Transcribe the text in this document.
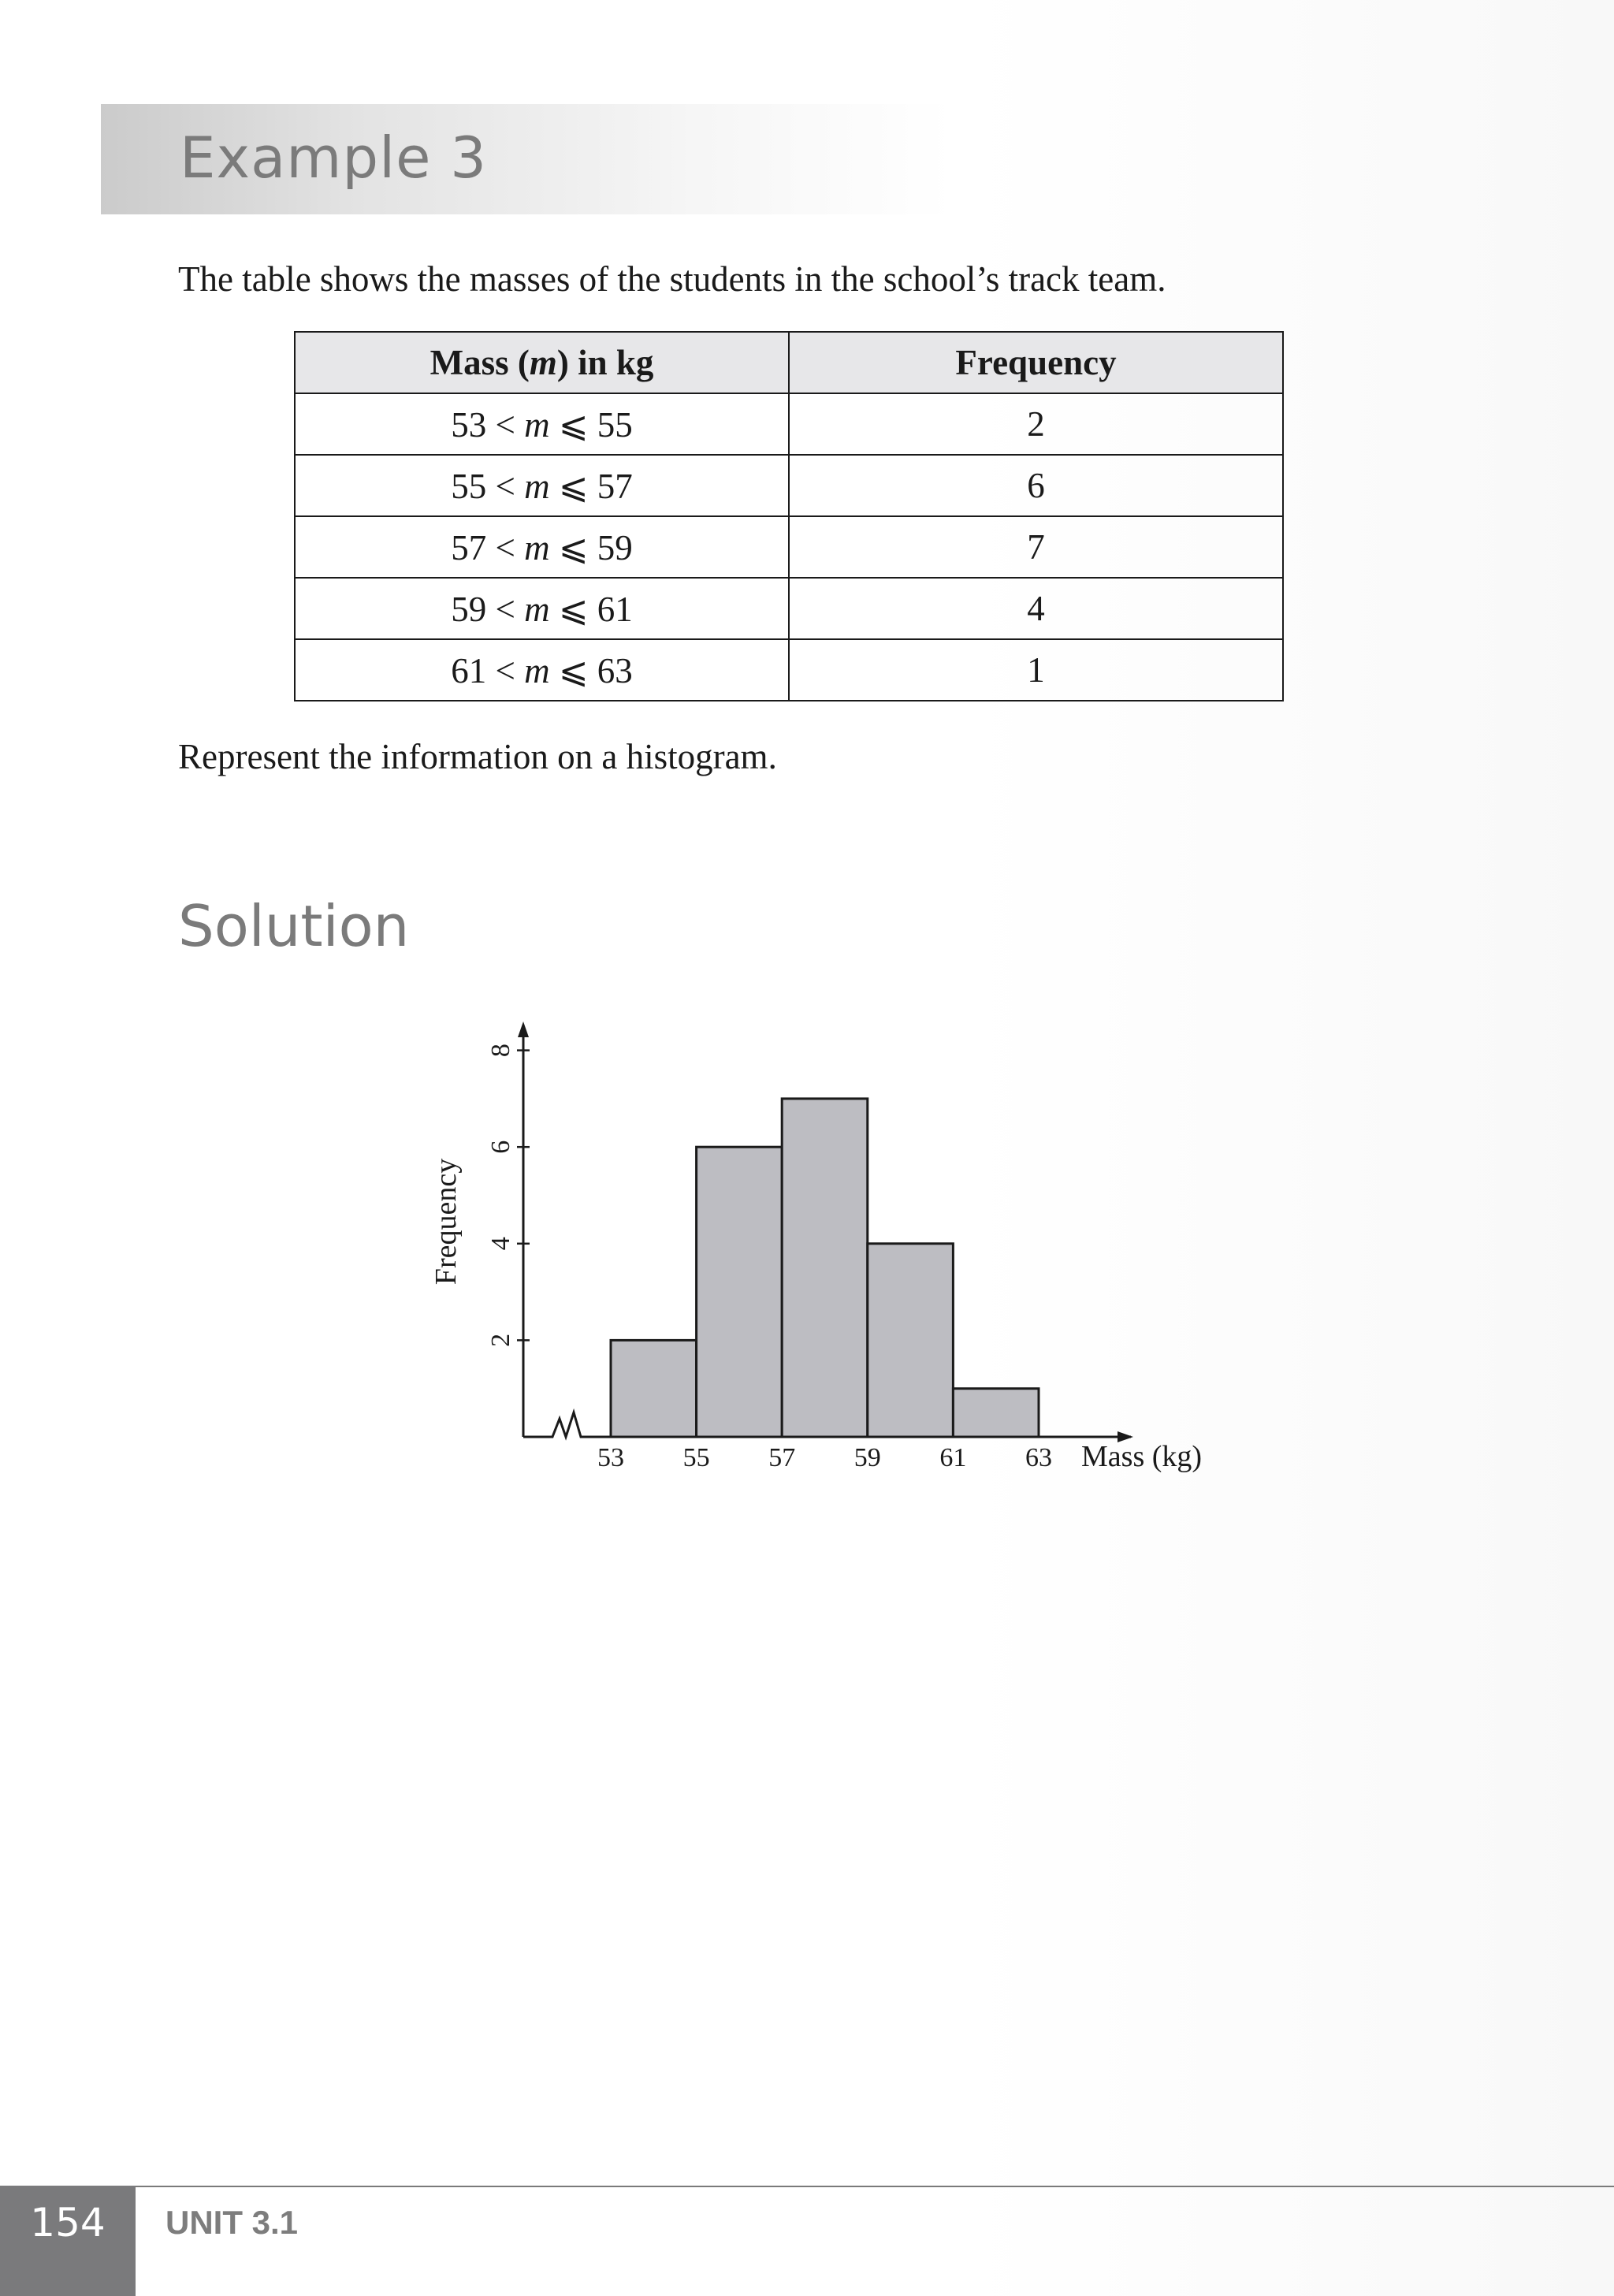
Example 3
The table shows the masses of the students in the school’s track team.
Mass (m) in kg	Frequency
53 < m ⩽ 55	2
55 < m ⩽ 57	6
57 < m ⩽ 59	7
59 < m ⩽ 61	4
61 < m ⩽ 63	1
Represent the information on a histogram.
Solution
2
4
6
8
53 55 57 59 61 63 Mass (kg)
Frequency
154	UNIT 3.1
